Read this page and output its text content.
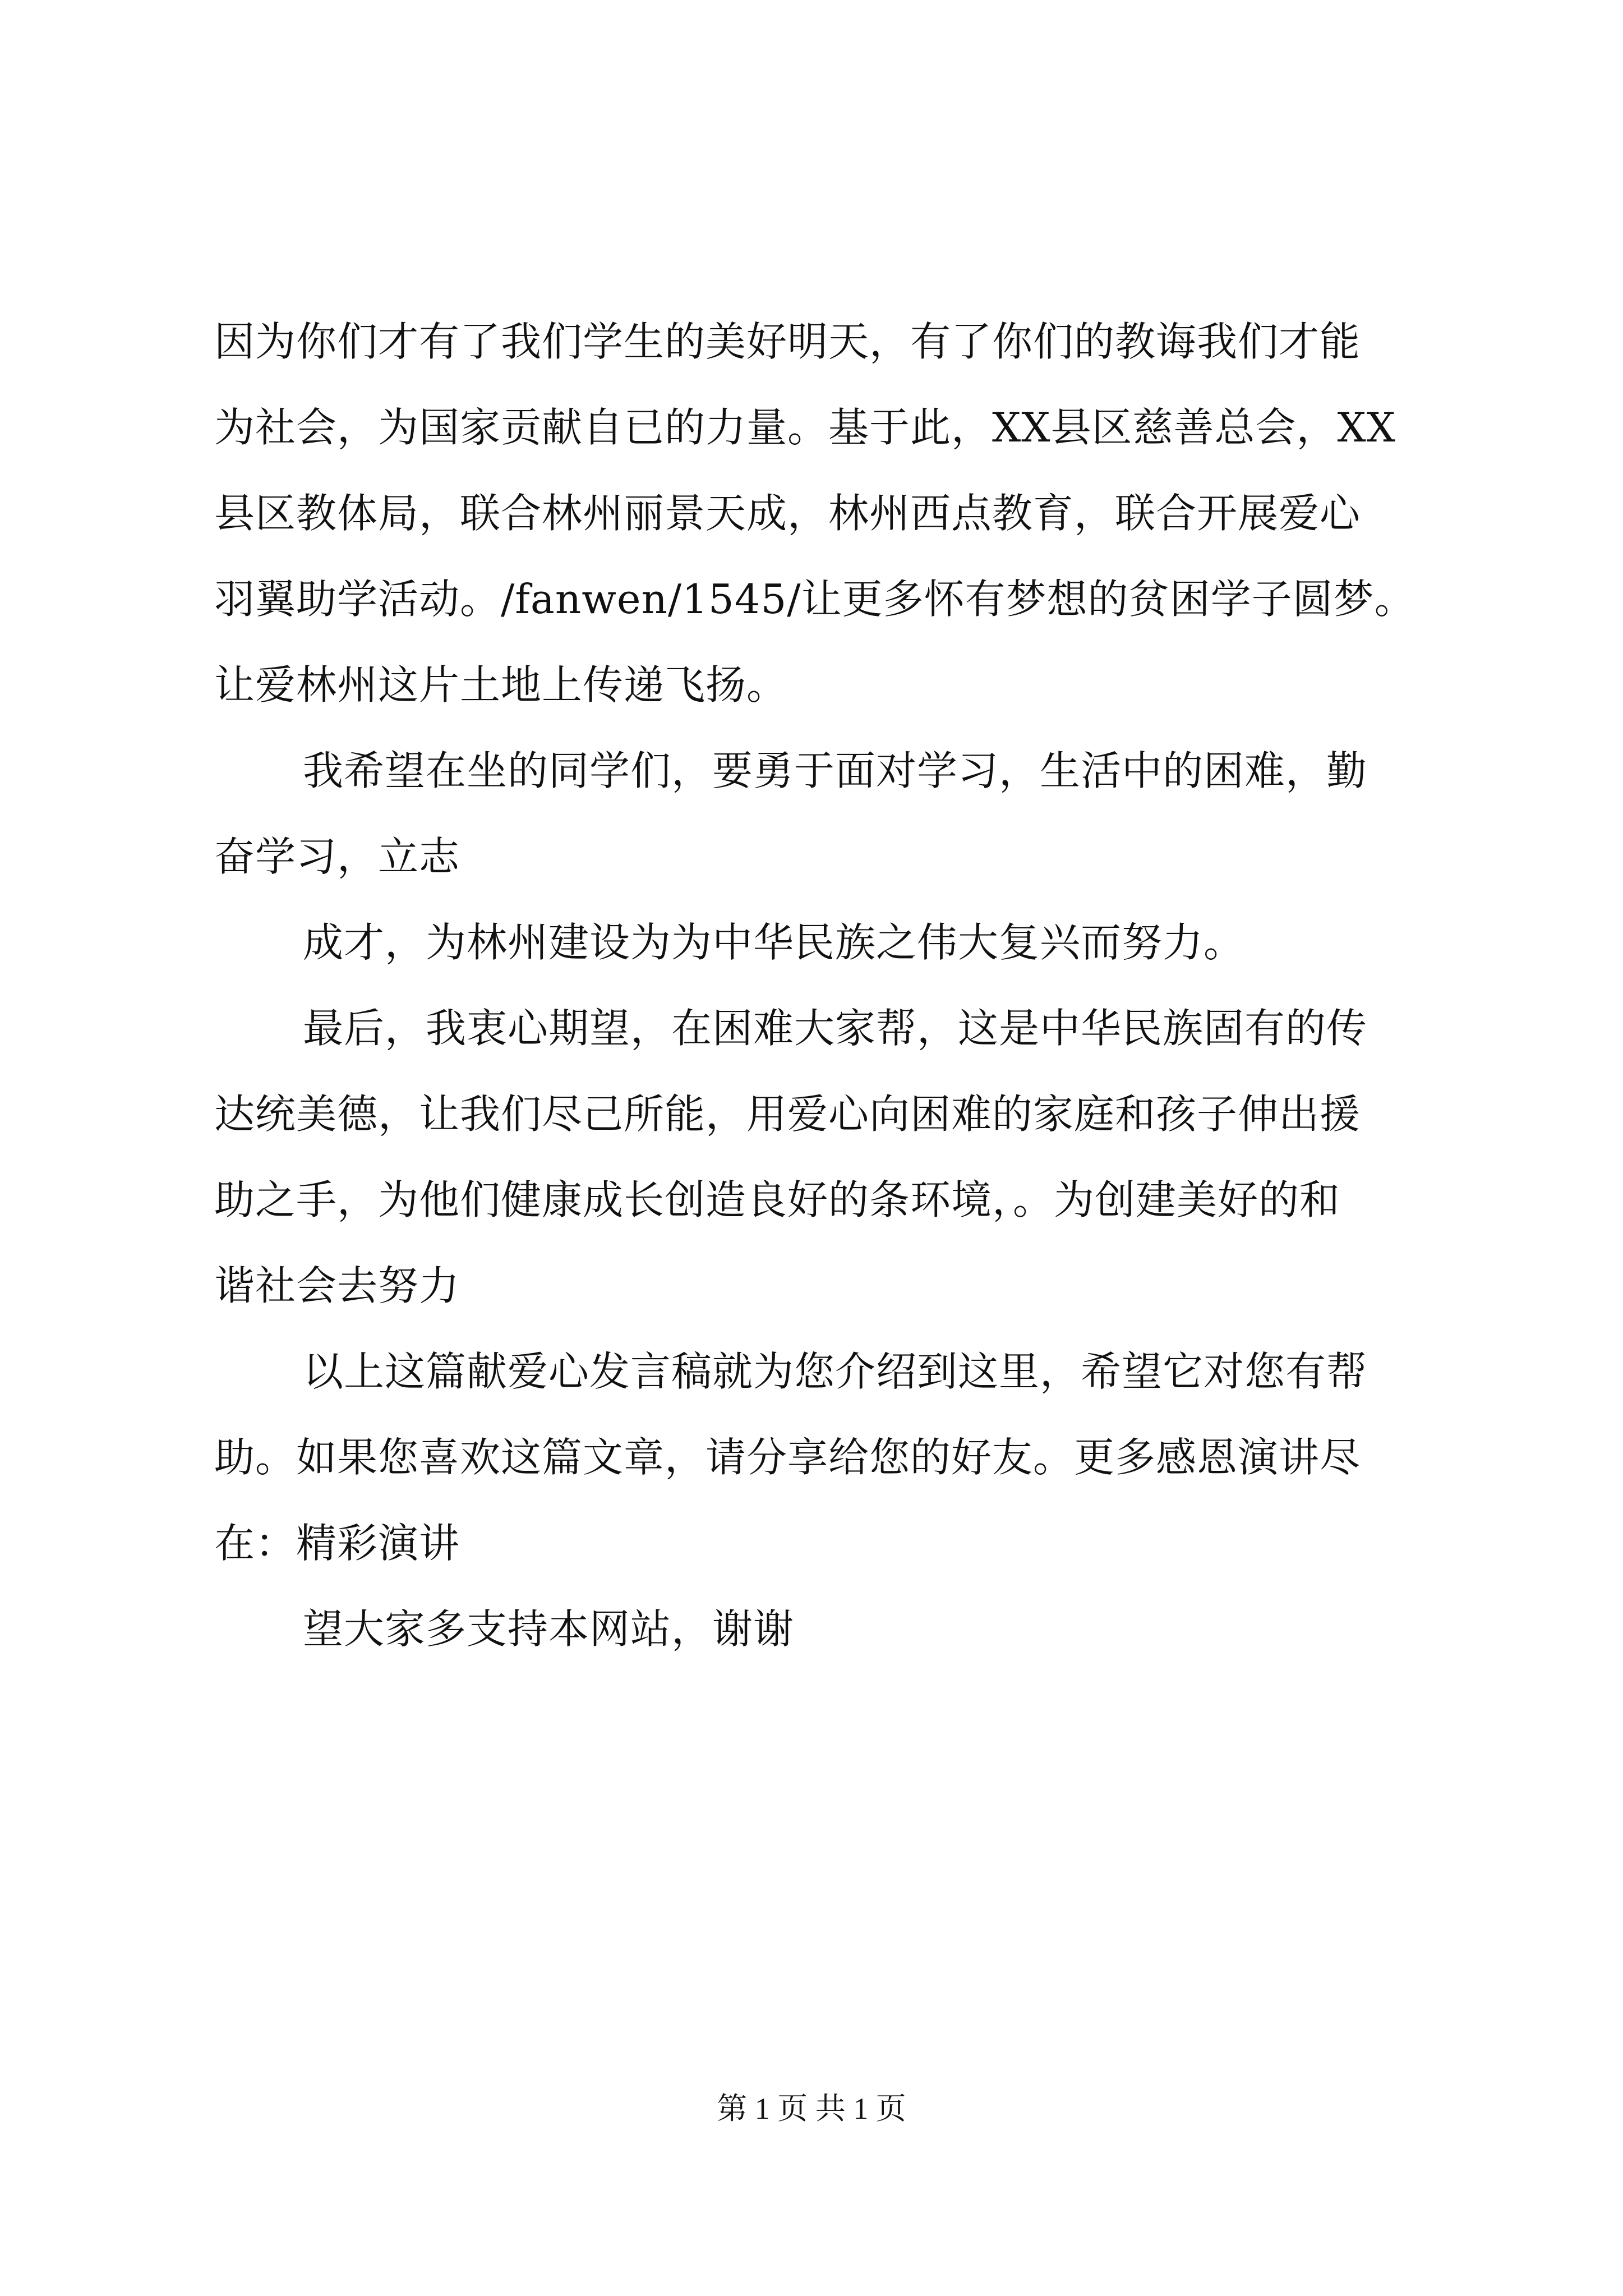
因为你们才有了我们学生的美好明天，有了你们的教诲我们才能
为社会，为国家贡献自已的力量。基于此，XX县区慈善总会，XX
县区教体局，联合林州丽景天成，林州西点教育，联合开展爱心
羽翼助学活动。/fanwen/1545/让更多怀有梦想的贫困学子圆梦。
让爱林州这片土地上传递飞扬。
我希望在坐的同学们，要勇于面对学习，生活中的困难，勤
奋学习，立志
成才，为林州建设为为中华民族之伟大复兴而努力。
最后，我衷心期望，在困难大家帮，这是中华民族固有的传
达统美德，让我们尽己所能，用爱心向困难的家庭和孩子伸出援
助之手，为他们健康成长创造良好的条环境，。为创建美好的和
谐社会去努力
以上这篇献爱心发言稿就为您介绍到这里，希望它对您有帮
助。如果您喜欢这篇文章，请分享给您的好友。更多感恩演讲尽
在：精彩演讲
望大家多支持本网站，谢谢
第 1 页 共 1 页
